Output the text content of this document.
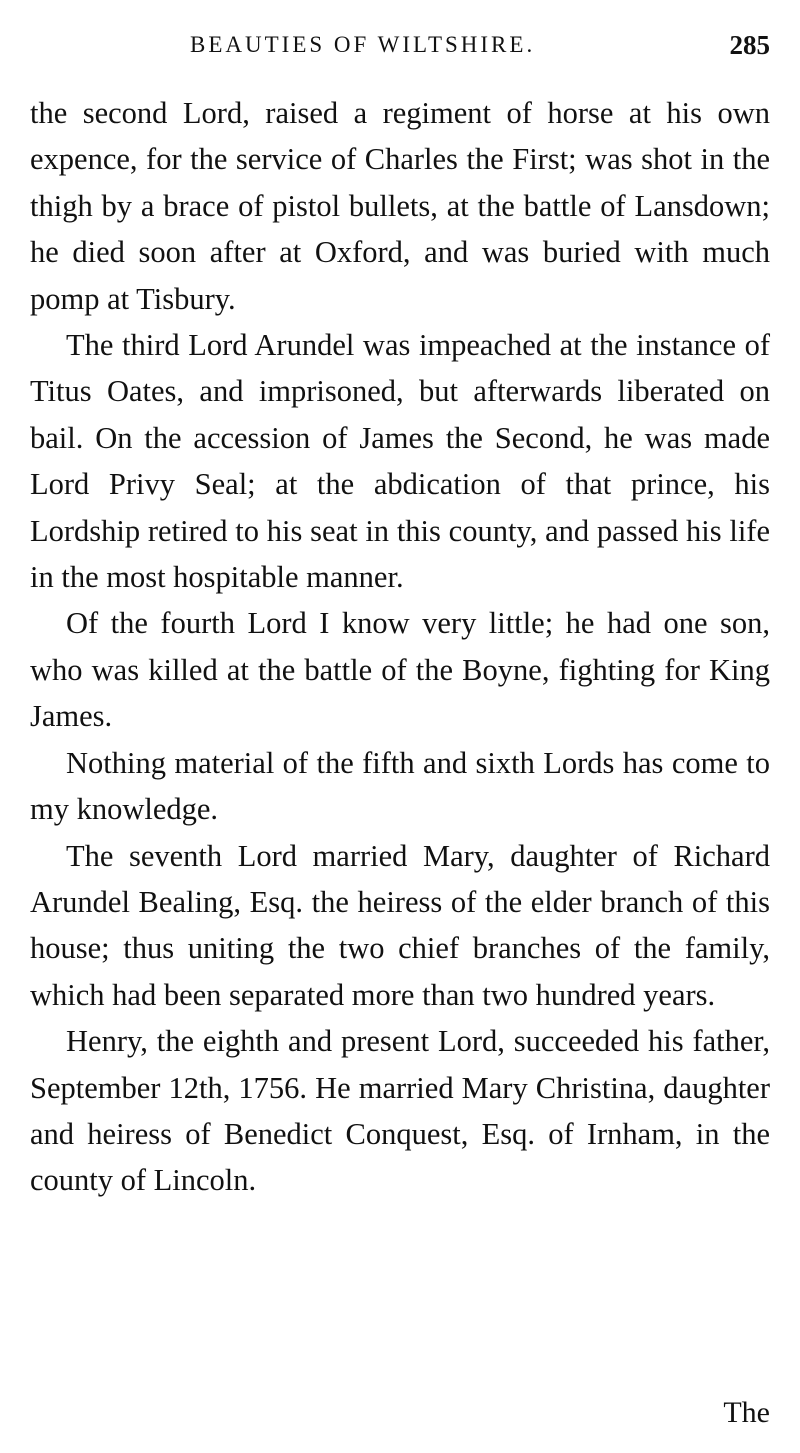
BEAUTIES OF WILTSHIRE.	285

the second Lord, raised a regiment of horse at his own expence, for the service of Charles the First; was shot in the thigh by a brace of pistol bullets, at the battle of Lansdown; he died soon after at Oxford, and was buried with much pomp at Tisbury.

The third Lord Arundel was impeached at the instance of Titus Oates, and imprisoned, but afterwards liberated on bail. On the accession of James the Second, he was made Lord Privy Seal; at the abdication of that prince, his Lordship retired to his seat in this county, and passed his life in the most hospitable manner.

Of the fourth Lord I know very little; he had one son, who was killed at the battle of the Boyne, fighting for King James.

Nothing material of the fifth and sixth Lords has come to my knowledge.

The seventh Lord married Mary, daughter of Richard Arundel Bealing, Esq. the heiress of the elder branch of this house; thus uniting the two chief branches of the family, which had been separated more than two hundred years.

Henry, the eighth and present Lord, succeeded his father, September 12th, 1756. He married Mary Christina, daughter and heiress of Benedict Conquest, Esq. of Irnham, in the county of Lincoln.

The
